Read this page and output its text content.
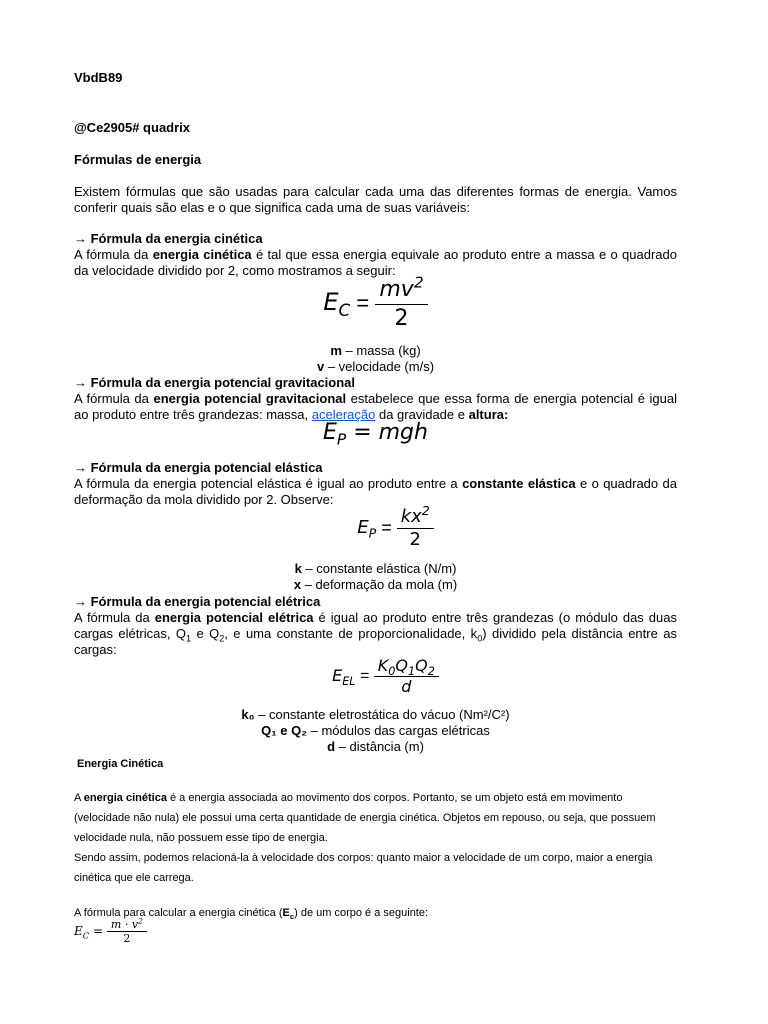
VbdB89
@Ce2905# quadrix
Fórmulas de energia
Existem fórmulas que são usadas para calcular cada uma das diferentes formas de energia. Vamos conferir quais são elas e o que significa cada uma de suas variáveis:
→ Fórmula da energia cinética
A fórmula da energia cinética é tal que essa energia equivale ao produto entre a massa e o quadrado da velocidade dividido por 2, como mostramos a seguir:
$E_C = \frac{mv^2}{2}$
m – massa (kg)
v – velocidade (m/s)
→ Fórmula da energia potencial gravitacional
A fórmula da energia potencial gravitacional estabelece que essa forma de energia potencial é igual ao produto entre três grandezas: massa, aceleração da gravidade e altura:
$E_P$ = mgh
→ Fórmula da energia potencial elástica
A fórmula da energia potencial elástica é igual ao produto entre a constante elástica e o quadrado da deformação da mola dividido por 2. Observe:
$E_P = \frac{kx^2}{2}$
k – constante elástica (N/m)
x – deformação da mola (m)
→ Fórmula da energia potencial elétrica
A fórmula da energia potencial elétrica é igual ao produto entre três grandezas (o módulo das duas cargas elétricas, $Q_1$ e $Q_2$, e uma constante de proporcionalidade, $k_0$) dividido pela distância entre as cargas:
$E_{EL} = \frac{K_0Q_1Q_2}{d}$
k₀ – constante eletrostática do vácuo (Nm²/C²)
Q₁ e Q₂ – módulos das cargas elétricas
d – distância (m)
Energia Cinética
A energia cinética é a energia associada ao movimento dos corpos. Portanto, se um objeto está em movimento (velocidade não nula) ele possui uma certa quantidade de energia cinética. Objetos em repouso, ou seja, que possuem velocidade nula, não possuem esse tipo de energia.
Sendo assim, podemos relacioná-la à velocidade dos corpos: quanto maior a velocidade de um corpo, maior a energia cinética que ele carrega.
A fórmula para calcular a energia cinética $(E_c)$ de um corpo é a seguinte:
$E_C = \frac{m \cdot v^2}{2}$
